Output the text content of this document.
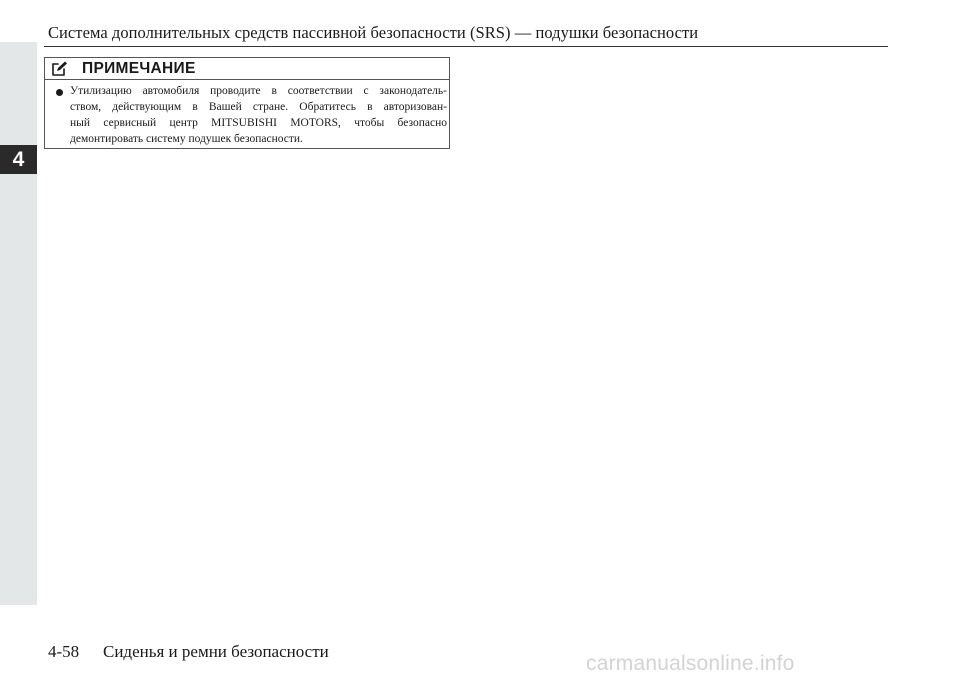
4
Система дополнительных средств пассивной безопасности (SRS) — подушки безопасности
ПРИМЕЧАНИЕ
Утилизацию автомобиля проводите в соответствии с законодатель-
ством, действующим в Вашей стране. Обратитесь в авторизован-
ный сервисный центр MITSUBISHI MOTORS, чтобы безопасно
демонтировать систему подушек безопасности.
4-58 Сиденья и ремни безопасности
carmanualsonline.info
